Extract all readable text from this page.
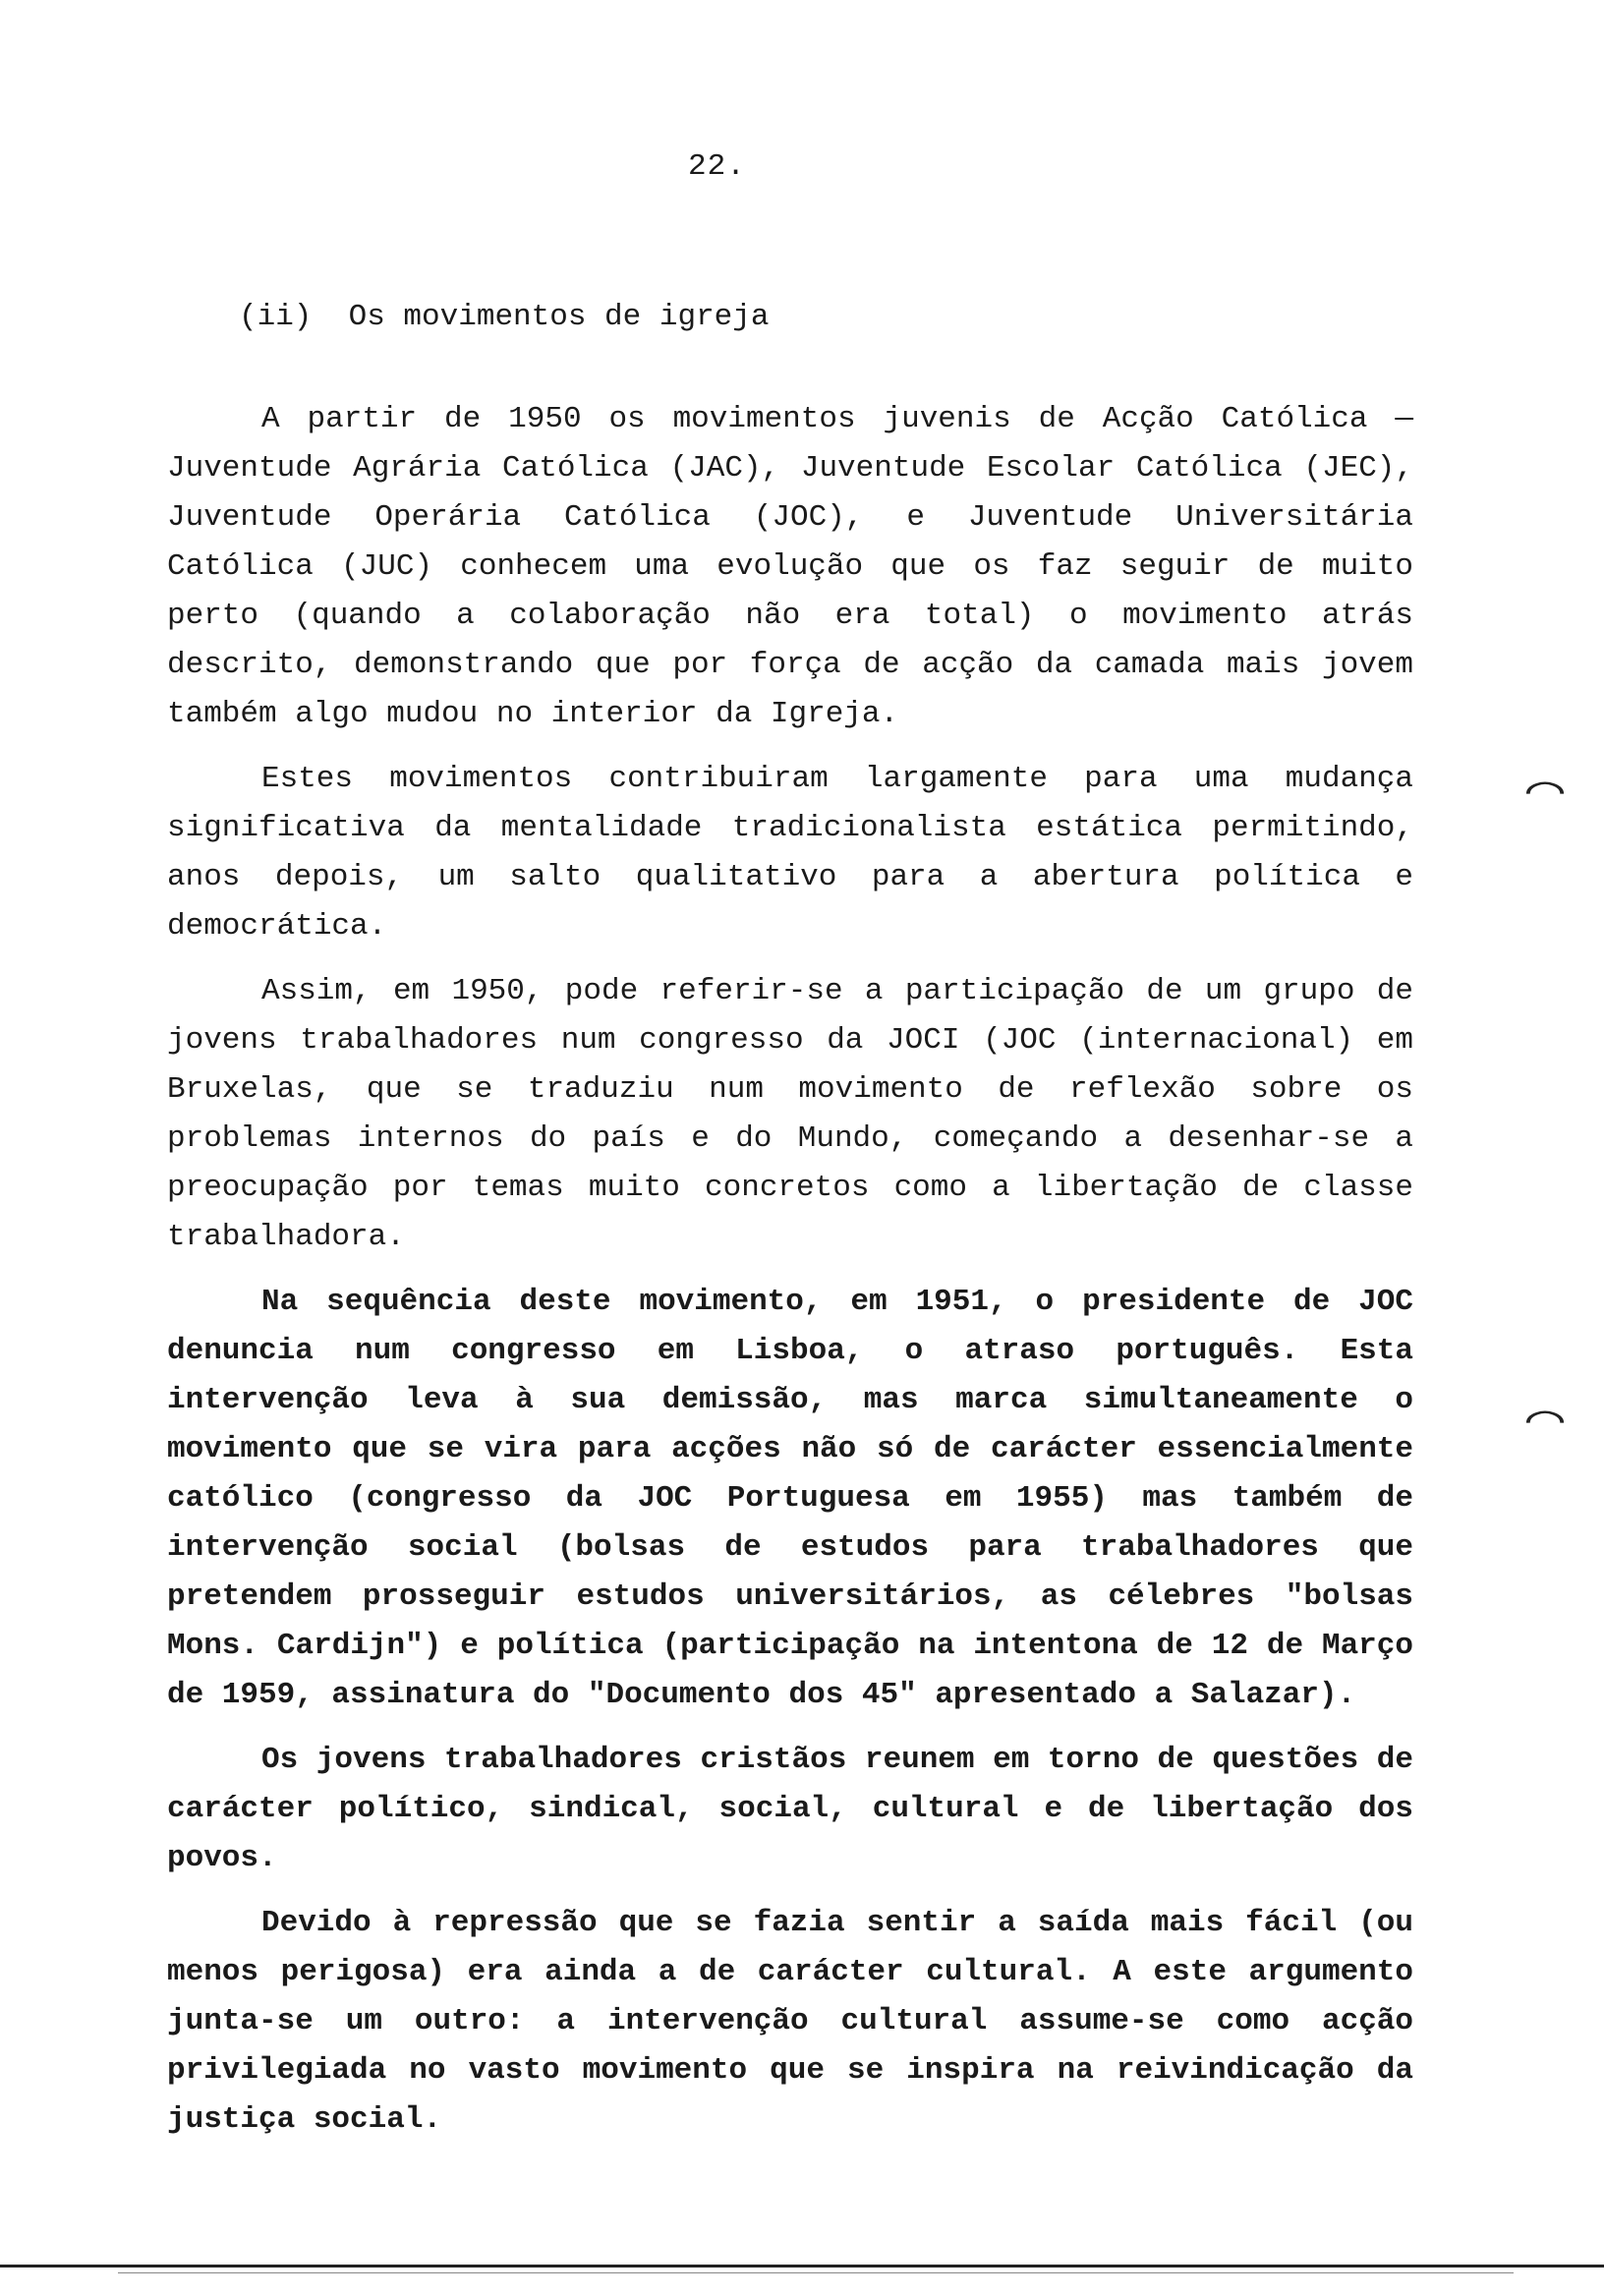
22.
(ii)  Os movimentos de igreja

A partir de 1950 os movimentos juvenis de Acção Católica — Juventude Agrária Católica (JAC), Juventude Escolar Católica (JEC), Juventude Operária Católica (JOC), e Juventude Universitária Católica (JUC) conhecem uma evolução que os faz seguir de muito perto (quando a colaboração não era total) o movimento atrás descrito, demonstrando que por força de acção da camada mais jovem também algo mudou no interior da Igreja.

Estes movimentos contribuiram largamente para uma mudança significativa da mentalidade tradicionalista estática permitindo, anos depois, um salto qualitativo para a abertura política e democrática.

Assim, em 1950, pode referir-se a participação de um grupo de jovens trabalhadores num congresso da JOCI (JOC (internacional) em Bruxelas, que se traduziu num movimento de reflexão sobre os problemas internos do país e do Mundo, começando a desenhar-se a preocupação por temas muito concretos como a libertação de classe trabalhadora.

Na sequência deste movimento, em 1951, o presidente de JOC denuncia num congresso em Lisboa, o atraso português. Esta intervenção leva à sua demissão, mas marca simultaneamente o movimento que se vira para acções não só de carácter essencialmente católico (congresso da JOC Portuguesa em 1955) mas também de intervenção social (bolsas de estudos para trabalhadores que pretendem prosseguir estudos universitários, as célebres "bolsas Mons. Cardijn") e política (participação na intentona de 12 de Março de 1959, assinatura do "Documento dos 45" apresentado a Salazar).

Os jovens trabalhadores cristãos reunem em torno de questões de carácter político, sindical, social, cultural e de libertação dos povos.

Devido à repressão que se fazia sentir a saída mais fácil (ou menos perigosa) era ainda a de carácter cultural. A este argumento junta-se um outro: a intervenção cultural assume-se como acção privilegiada no vasto movimento que se inspira na reivindicação da justiça social.

⌒
⌒
